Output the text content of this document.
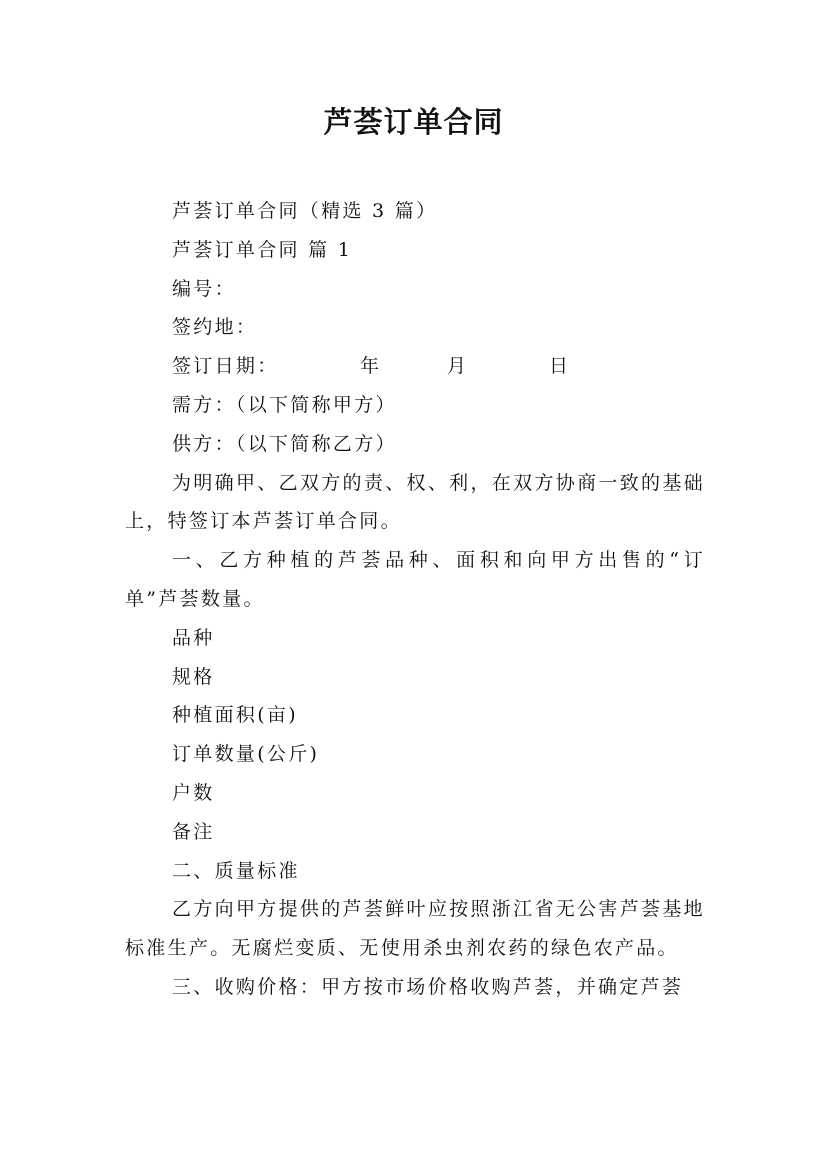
芦荟订单合同

芦荟订单合同（精选 3 篇）

芦荟订单合同 篇 1

编号：

签约地：

签订日期：	年	月	日

需方：（以下简称甲方）

供方：（以下简称乙方）

为明确甲、乙双方的责、权、利，在双方协商一致的基础上，特签订本芦荟订单合同。

一、乙方种植的芦荟品种、面积和向甲方出售的“订单”芦荟数量。

品种

规格

种植面积(亩)

订单数量(公斤)

户数

备注

二、质量标准

乙方向甲方提供的芦荟鲜叶应按照浙江省无公害芦荟基地标准生产。无腐烂变质、无使用杀虫剂农药的绿色农产品。

三、收购价格：甲方按市场价格收购芦荟，并确定芦荟
